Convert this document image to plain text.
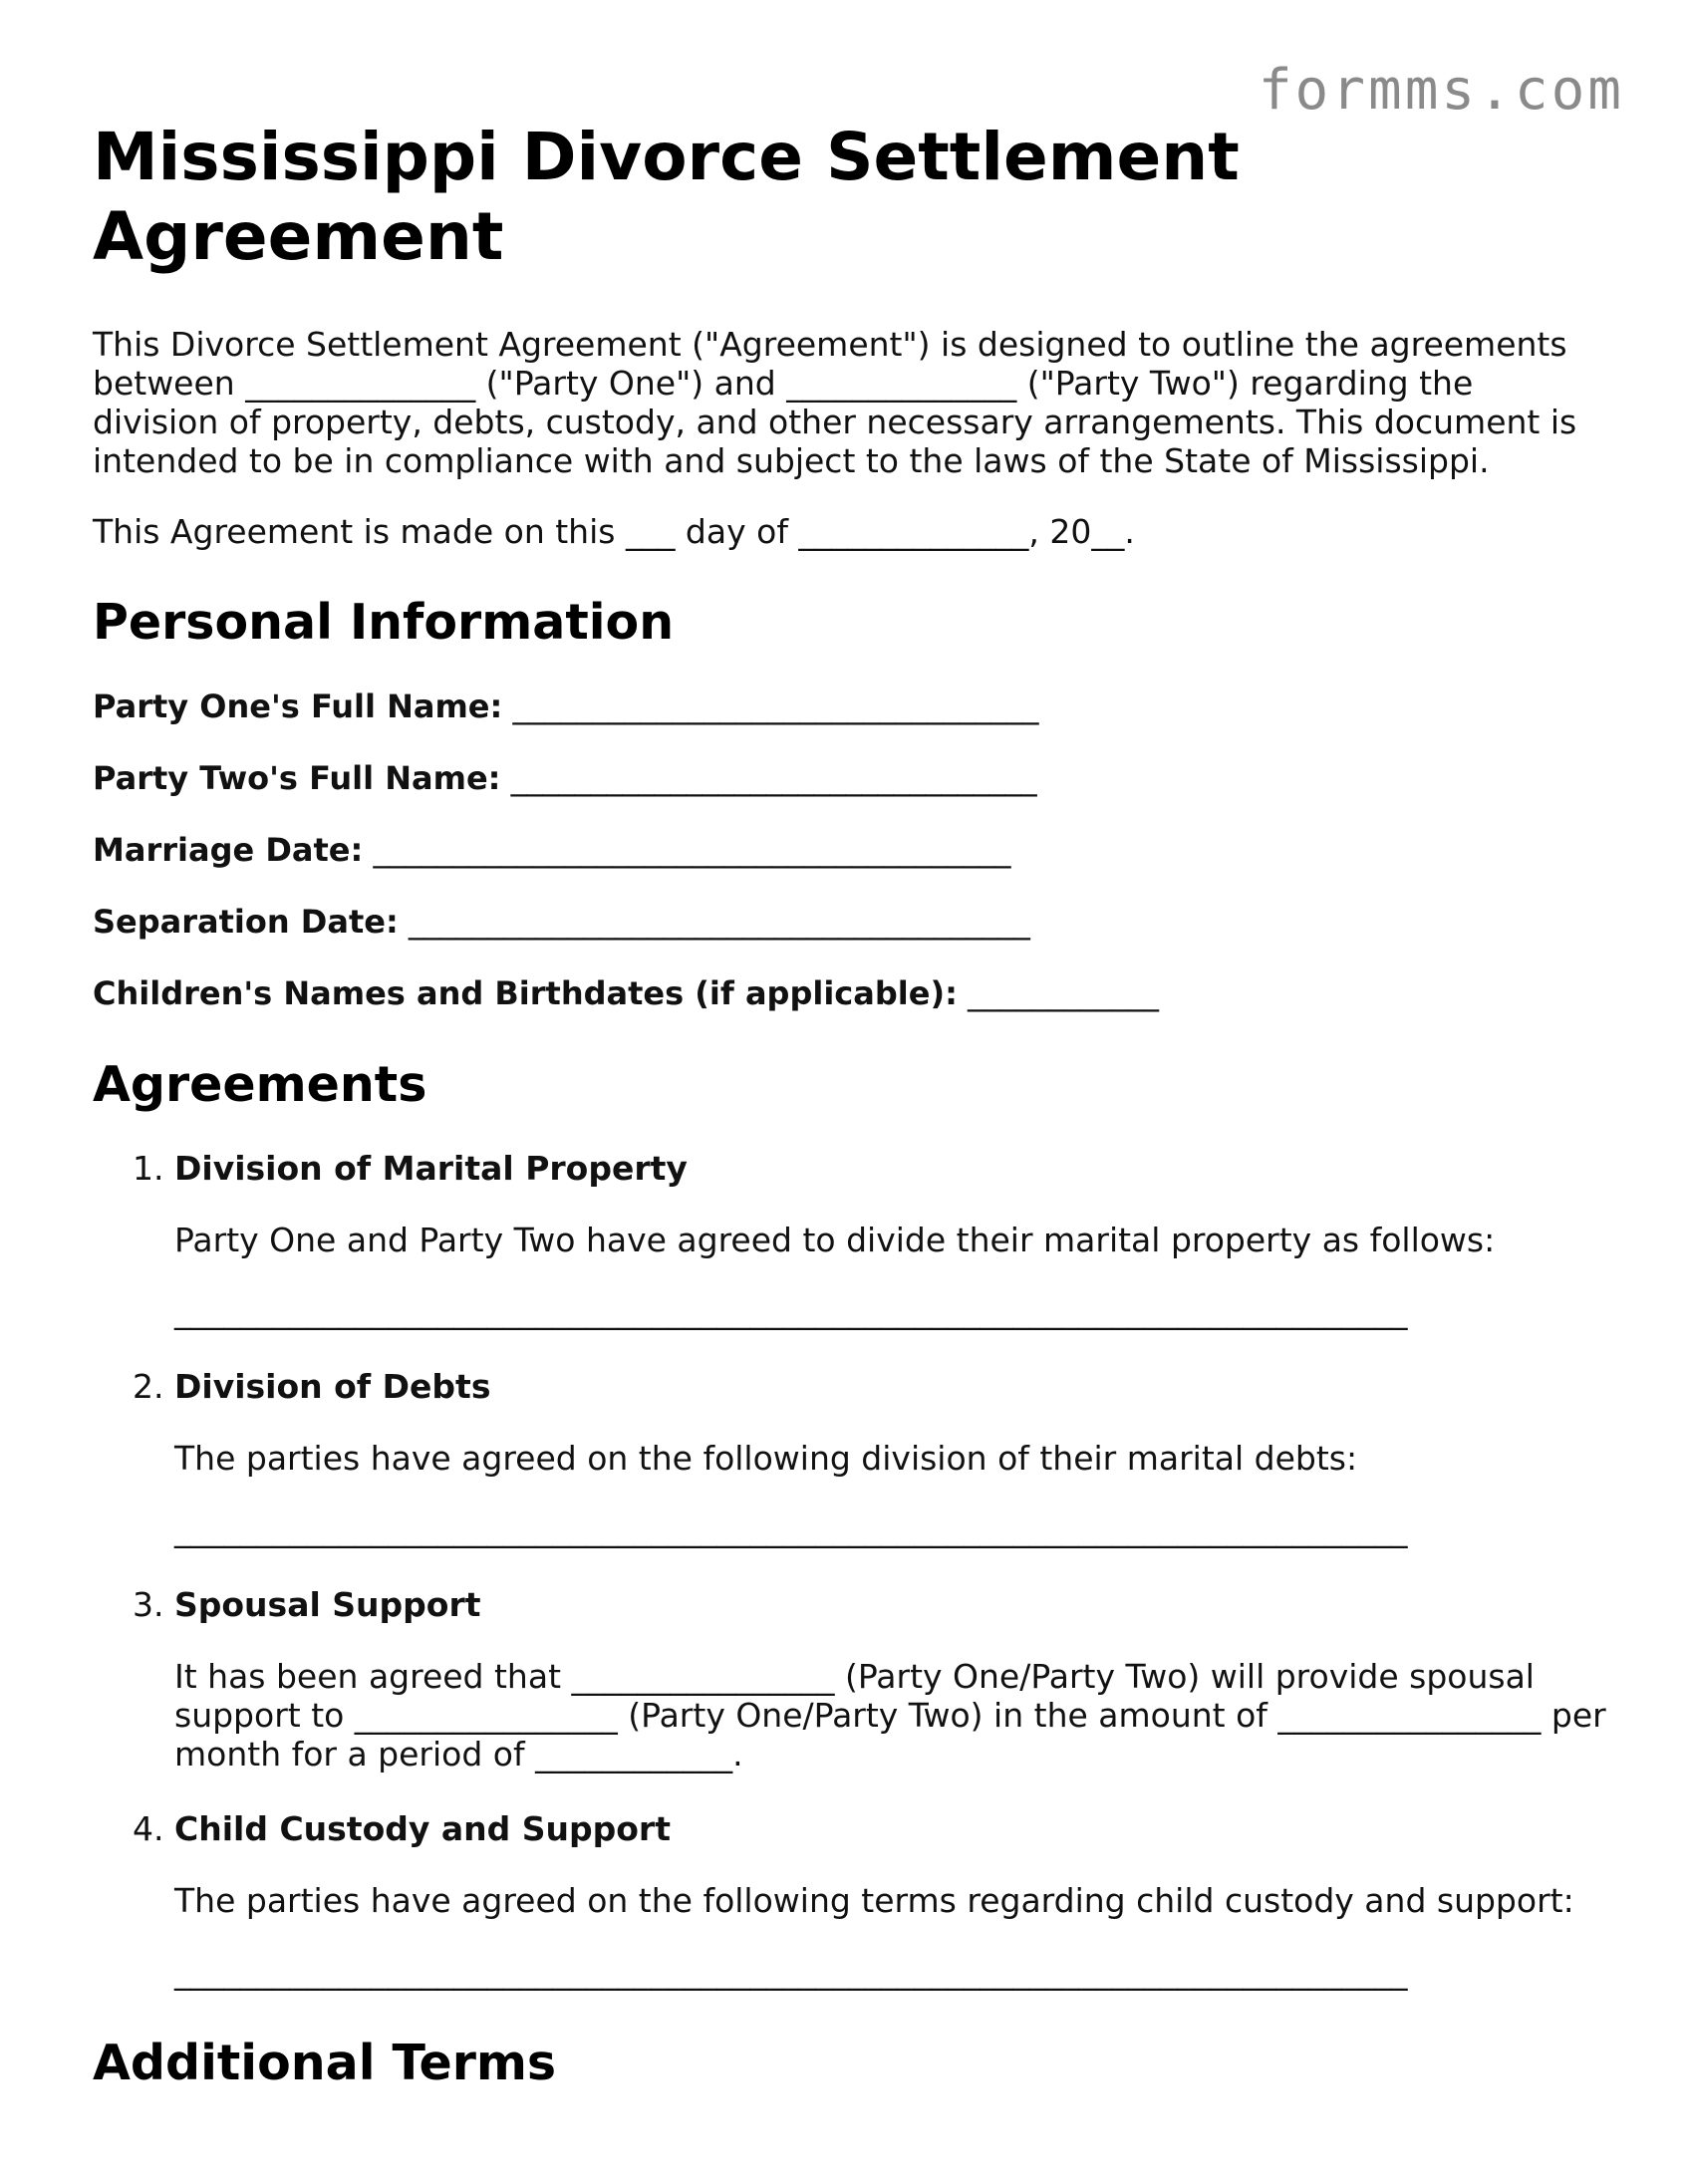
formms.com
Mississippi Divorce Settlement Agreement

This Divorce Settlement Agreement ("Agreement") is designed to outline the agreements between ______________ ("Party One") and ______________ ("Party Two") regarding the division of property, debts, custody, and other necessary arrangements. This document is intended to be in compliance with and subject to the laws of the State of Mississippi.

This Agreement is made on this ___ day of ______________, 20__.

Personal Information
Party One's Full Name: _________________________________
Party Two's Full Name: _________________________________
Marriage Date: ________________________________________
Separation Date: _______________________________________
Children's Names and Birthdates (if applicable): ____________
Agreements
1. Division of Marital Property
Party One and Party Two have agreed to divide their marital property as follows:
___________________________________________________________________________
2. Division of Debts
The parties have agreed on the following division of their marital debts:
___________________________________________________________________________
3. Spousal Support
It has been agreed that ________________ (Party One/Party Two) will provide spousal support to ________________ (Party One/Party Two) in the amount of ________________ per month for a period of ____________.
4. Child Custody and Support
The parties have agreed on the following terms regarding child custody and support:
___________________________________________________________________________
Additional Terms
